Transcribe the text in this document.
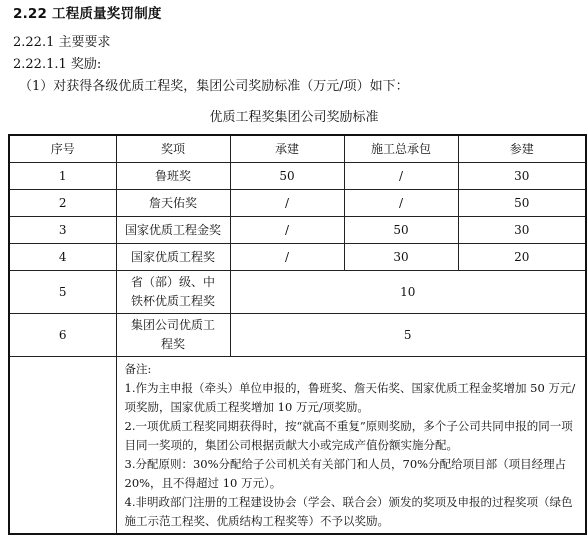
2.22 工程质量奖罚制度
2.22.1 主要要求
2.22.1.1 奖励:
（1）对获得各级优质工程奖，集团公司奖励标准（万元/项）如下：
优质工程奖集团公司奖励标准
序号	奖项	承建	施工总承包	参建
1	鲁班奖	50	/	30
2	詹天佑奖	/	/	50
3	国家优质工程金奖	/	50	30
4	国家优质工程奖	/	30	20
5	省（部）级、中铁杯优质工程奖	10		
6	集团公司优质工程奖	5		

	备注:

1.作为主申报（牵头）单位申报的，鲁班奖、詹天佑奖、国家优质工程金奖增加 50 万元/项奖励，国家优质工程奖增加 10 万元/项奖励。

2.一项优质工程奖同期获得时，按“就高不重复”原则奖励，多个子公司共同申报的同一项目同一奖项的，集团公司根据贡献大小或完成产值份额实施分配。

3.分配原则：30%分配给子公司机关有关部门和人员，70%分配给项目部（项目经理占 20%，且不得超过 10 万元）。

4.非明政部门注册的工程建设协会（学会、联合会）颁发的奖项及申报的过程奖项（绿色施工示范工程奖、优质结构工程奖等）不予以奖励。			
